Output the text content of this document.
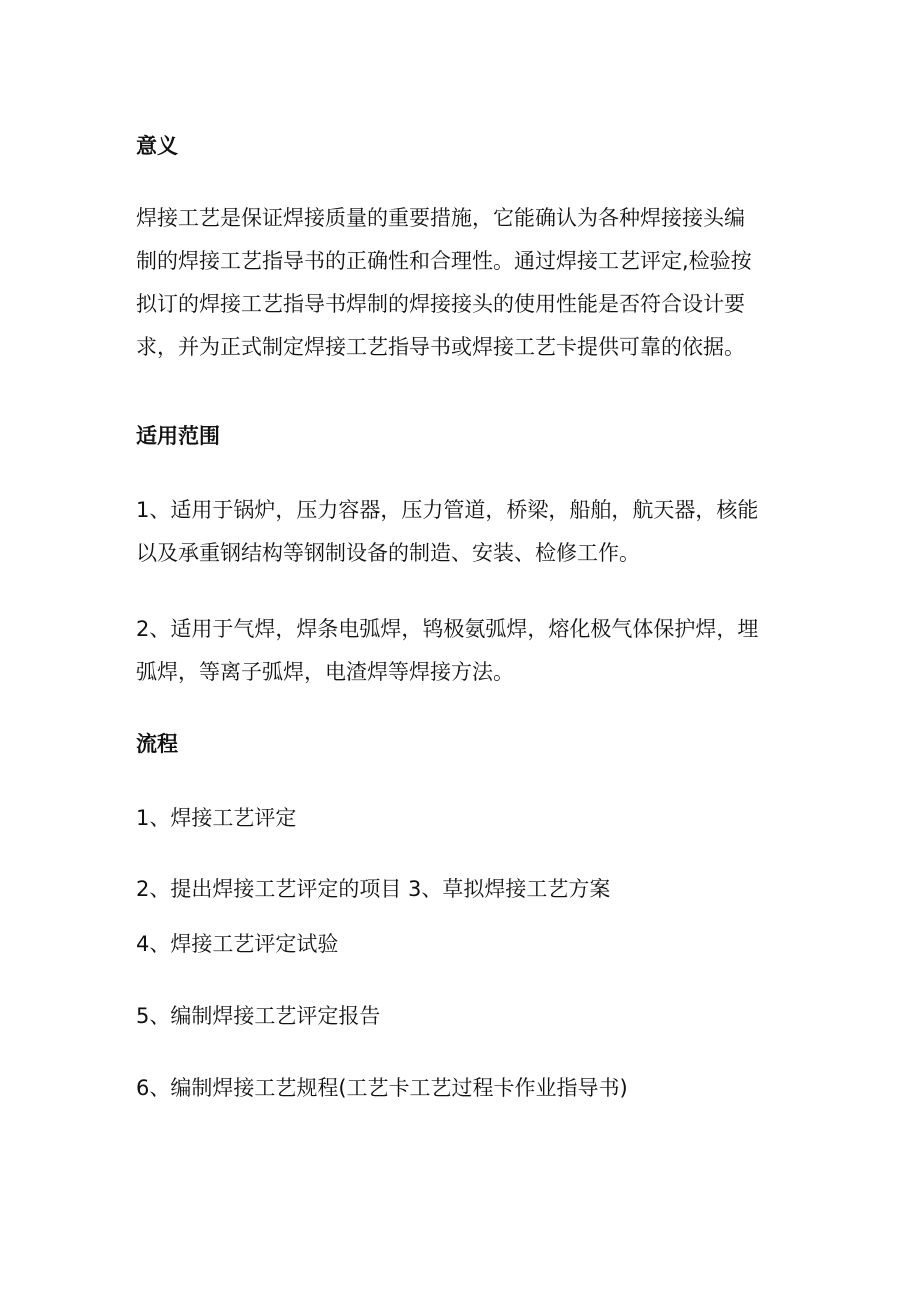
意义
焊接工艺是保证焊接质量的重要措施，它能确认为各种焊接接头编
制的焊接工艺指导书的正确性和合理性。通过焊接工艺评定,检验按
拟订的焊接工艺指导书焊制的焊接接头的使用性能是否符合设计要
求，并为正式制定焊接工艺指导书或焊接工艺卡提供可靠的依据。
适用范围
1、适用于锅炉，压力容器，压力管道，桥梁，船舶，航天器，核能
以及承重钢结构等钢制设备的制造、安装、检修工作。
2、适用于气焊，焊条电弧焊，鸨极氨弧焊，熔化极气体保护焊，埋
弧焊，等离子弧焊，电渣焊等焊接方法。
流程

1、焊接工艺评定

2、提出焊接工艺评定的项目 3、草拟焊接工艺方案

4、焊接工艺评定试验

5、编制焊接工艺评定报告

6、编制焊接工艺规程(工艺卡工艺过程卡作业指导书)
